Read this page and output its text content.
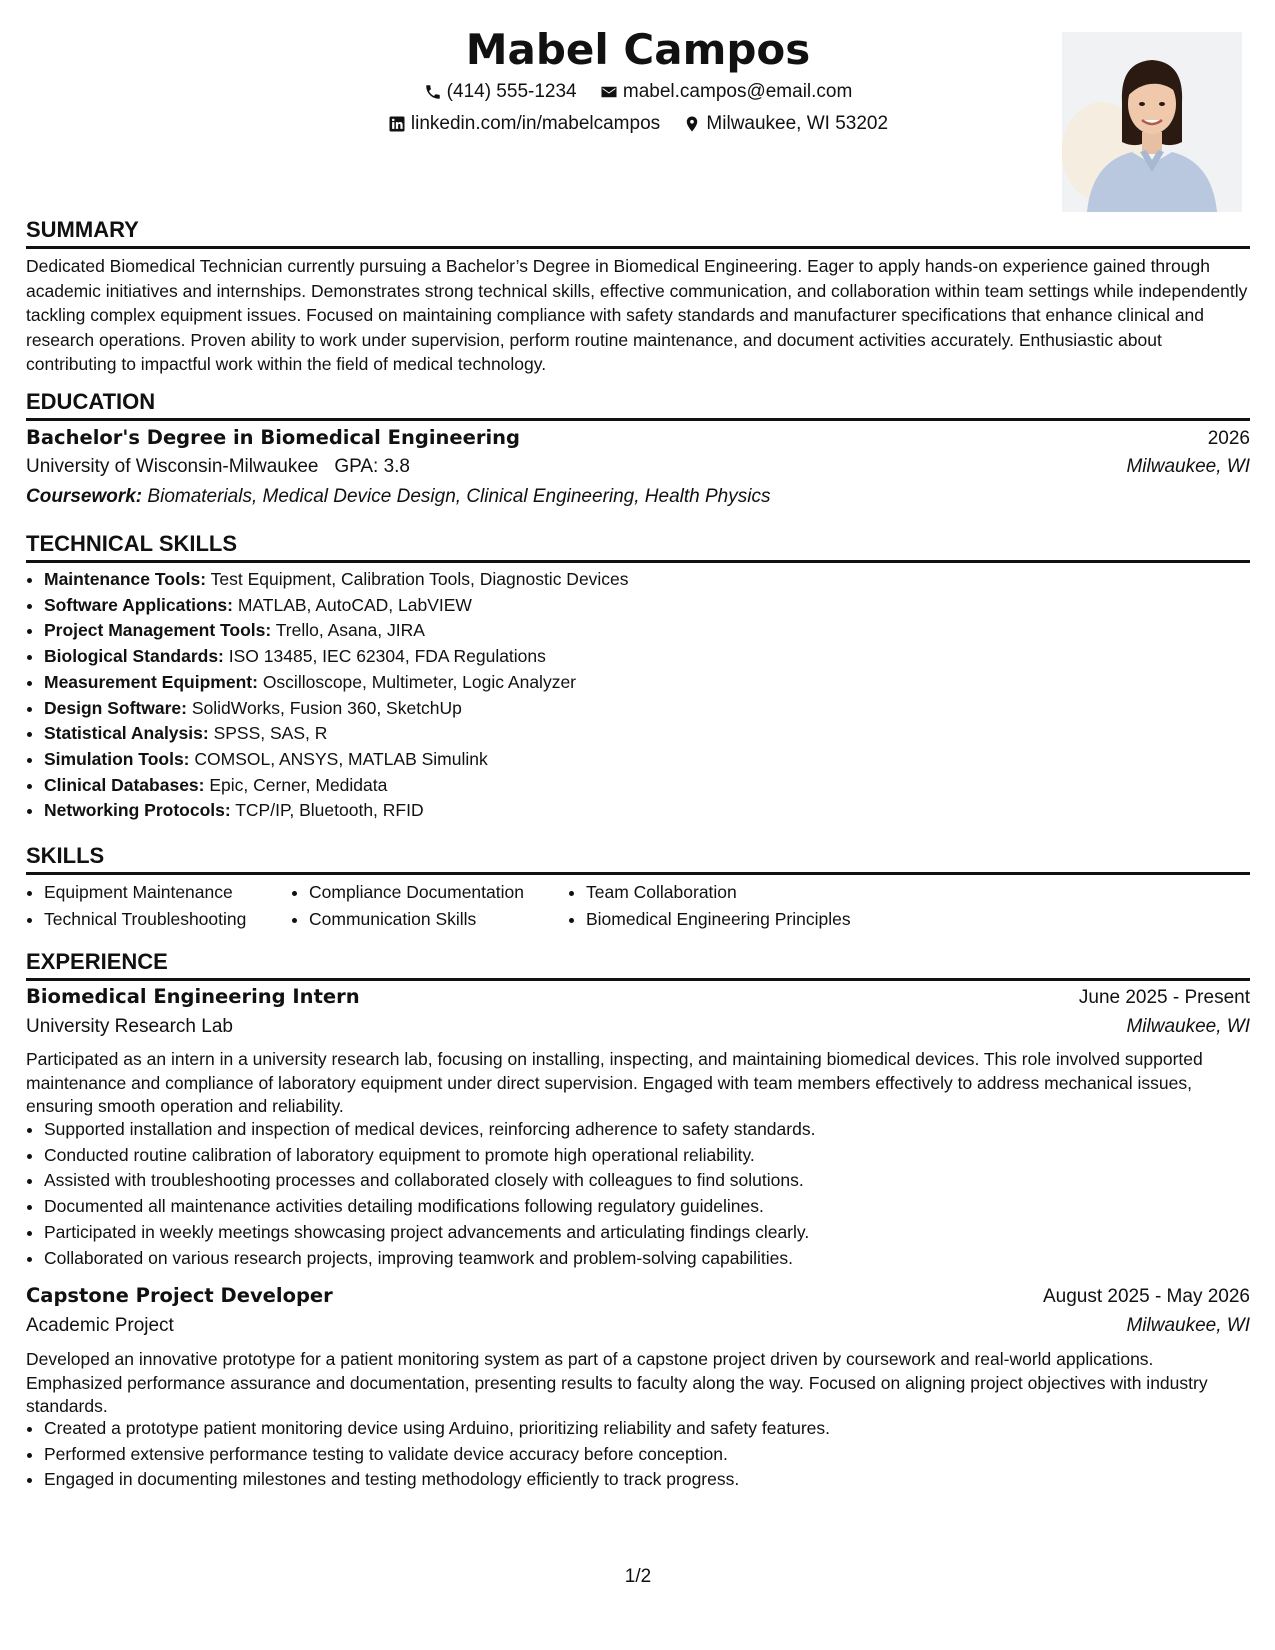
Mabel Campos
(414) 555-1234
mabel.campos@email.com
linkedin.com/in/mabelcampos
Milwaukee, WI 53202
SUMMARY
Dedicated Biomedical Technician currently pursuing a Bachelor’s Degree in Biomedical Engineering. Eager to apply hands-on experience gained through academic initiatives and internships. Demonstrates strong technical skills, effective communication, and collaboration within team settings while independently tackling complex equipment issues. Focused on maintaining compliance with safety standards and manufacturer specifications that enhance clinical and research operations. Proven ability to work under supervision, perform routine maintenance, and document activities accurately. Enthusiastic about contributing to impactful work within the field of medical technology.
EDUCATION
Bachelor's Degree in Biomedical Engineering	2026
University of Wisconsin-Milwaukee GPA: 3.8	Milwaukee, WI
Coursework: Biomaterials, Medical Device Design, Clinical Engineering, Health Physics
TECHNICAL SKILLS
• Maintenance Tools: Test Equipment, Calibration Tools, Diagnostic Devices
• Software Applications: MATLAB, AutoCAD, LabVIEW
• Project Management Tools: Trello, Asana, JIRA
• Biological Standards: ISO 13485, IEC 62304, FDA Regulations
• Measurement Equipment: Oscilloscope, Multimeter, Logic Analyzer
• Design Software: SolidWorks, Fusion 360, SketchUp
• Statistical Analysis: SPSS, SAS, R
• Simulation Tools: COMSOL, ANSYS, MATLAB Simulink
• Clinical Databases: Epic, Cerner, Medidata
• Networking Protocols: TCP/IP, Bluetooth, RFID
SKILLS
• Equipment Maintenance
• Technical Troubleshooting
• Compliance Documentation
• Communication Skills
• Team Collaboration
• Biomedical Engineering Principles
EXPERIENCE
Biomedical Engineering Intern	June 2025 - Present
University Research Lab	Milwaukee, WI
Participated as an intern in a university research lab, focusing on installing, inspecting, and maintaining biomedical devices. This role involved supported maintenance and compliance of laboratory equipment under direct supervision. Engaged with team members effectively to address mechanical issues, ensuring smooth operation and reliability.
• Supported installation and inspection of medical devices, reinforcing adherence to safety standards.
• Conducted routine calibration of laboratory equipment to promote high operational reliability.
• Assisted with troubleshooting processes and collaborated closely with colleagues to find solutions.
• Documented all maintenance activities detailing modifications following regulatory guidelines.
• Participated in weekly meetings showcasing project advancements and articulating findings clearly.
• Collaborated on various research projects, improving teamwork and problem-solving capabilities.
Capstone Project Developer	August 2025 - May 2026
Academic Project	Milwaukee, WI
Developed an innovative prototype for a patient monitoring system as part of a capstone project driven by coursework and real-world applications. Emphasized performance assurance and documentation, presenting results to faculty along the way. Focused on aligning project objectives with industry standards.
• Created a prototype patient monitoring device using Arduino, prioritizing reliability and safety features.
• Performed extensive performance testing to validate device accuracy before conception.
• Engaged in documenting milestones and testing methodology efficiently to track progress.
1/2
